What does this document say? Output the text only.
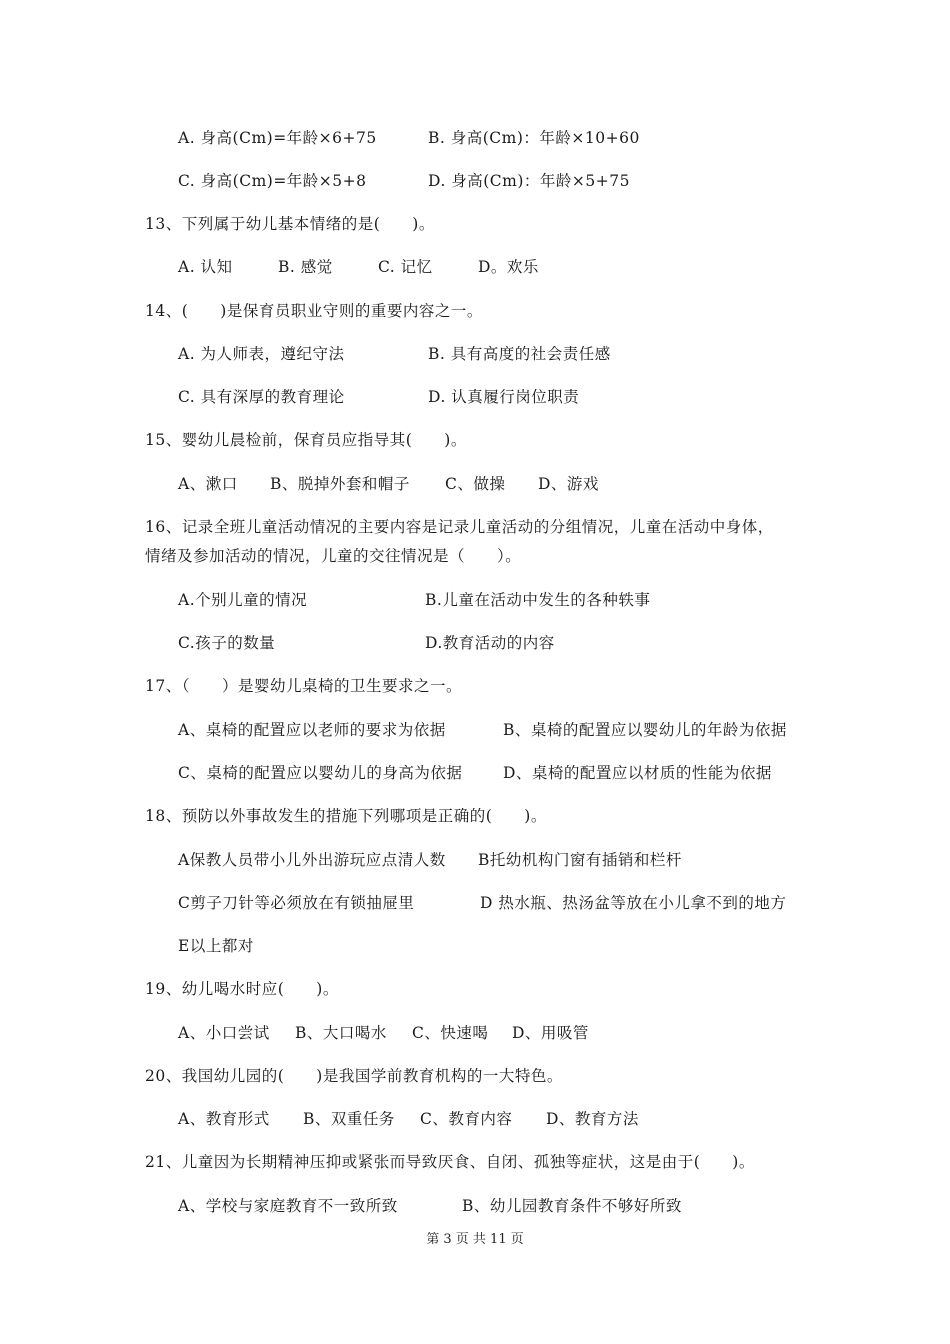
A. 身高(Cm)=年龄×6+75	B. 身高(Cm)：年龄×10+60
C. 身高(Cm)=年龄×5+8	D. 身高(Cm)：年龄×5+75
13、下列属于幼儿基本情绪的是(　　)。
A. 认知	B. 感觉	C. 记忆	D。欢乐
14、(　　)是保育员职业守则的重要内容之一。
A. 为人师表，遵纪守法	B. 具有高度的社会责任感
C. 具有深厚的教育理论	D. 认真履行岗位职责
15、婴幼儿晨检前，保育员应指导其(　　)。
A、漱口 B、脱掉外套和帽子 C、做操 D、游戏
16、记录全班儿童活动情况的主要内容是记录儿童活动的分组情况，儿童在活动中身体，
情绪及参加活动的情况，儿童的交往情况是（　　）。
A.个别儿童的情况	B.儿童在活动中发生的各种轶事
C.孩子的数量	D.教育活动的内容
17、（　　）是婴幼儿桌椅的卫生要求之一。
A、桌椅的配置应以老师的要求为依据	B、桌椅的配置应以婴幼儿的年龄为依据
C、桌椅的配置应以婴幼儿的身高为依据	D、桌椅的配置应以材质的性能为依据
18、预防以外事故发生的措施下列哪项是正确的(　　)。
A保教人员带小儿外出游玩应点清人数 B托幼机构门窗有插销和栏杆
C剪子刀针等必须放在有锁抽屉里	D 热水瓶、热汤盆等放在小儿拿不到的地方
E以上都对
19、幼儿喝水时应(　　)。
A、小口尝试 B、大口喝水 C、快速喝 D、用吸管
20、我国幼儿园的(　　)是我国学前教育机构的一大特色。
A、教育形式 B、双重任务 C、教育内容 D、教育方法
21、儿童因为长期精神压抑或紧张而导致厌食、自闭、孤独等症状，这是由于(　　)。
A、学校与家庭教育不一致所致	B、幼儿园教育条件不够好所致
第 3 页 共 11 页
